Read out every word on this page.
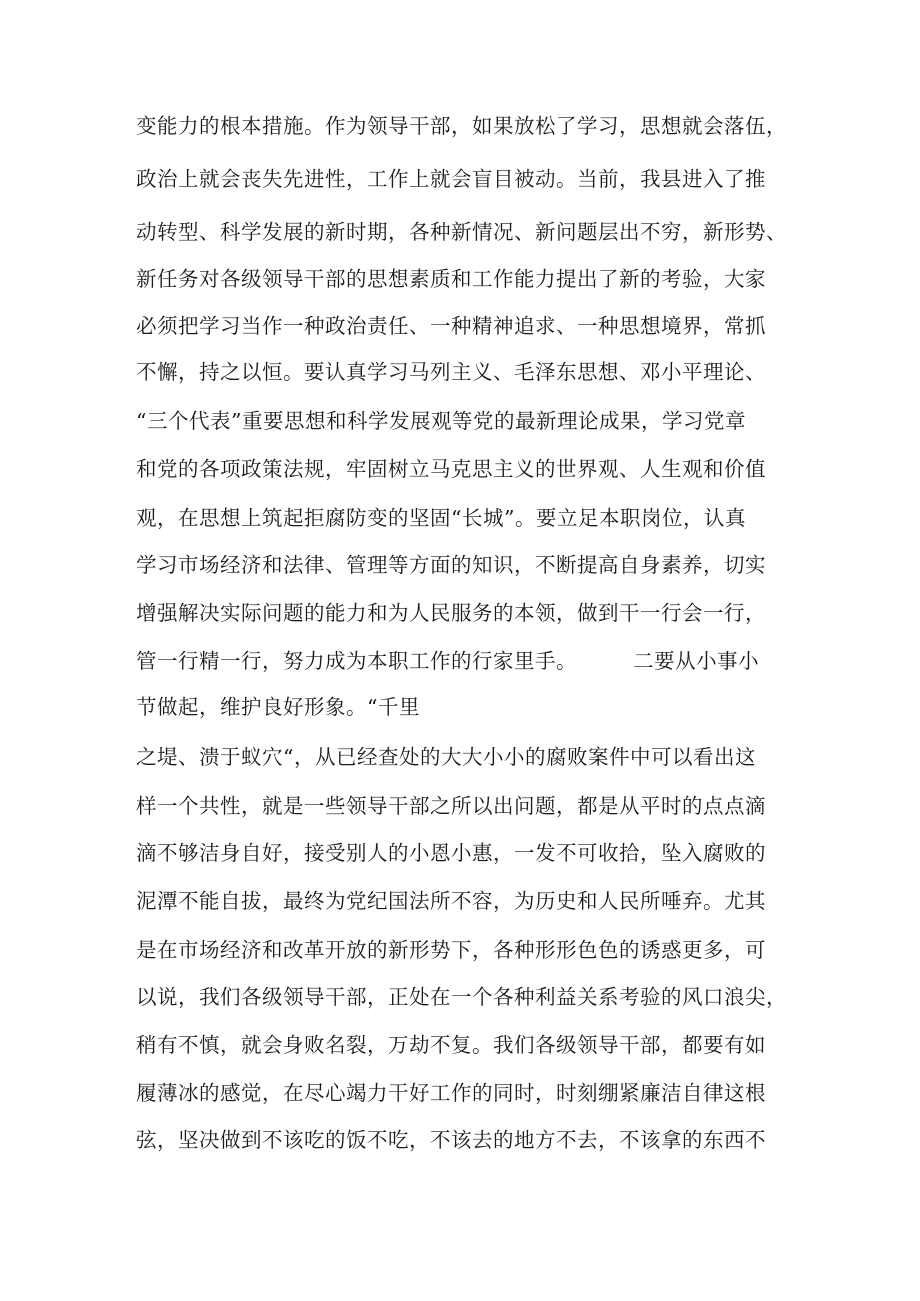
变能力的根本措施。作为领导干部，如果放松了学习，思想就会落伍，
政治上就会丧失先进性，工作上就会盲目被动。当前，我县进入了推
动转型、科学发展的新时期，各种新情况、新问题层出不穷，新形势、
新任务对各级领导干部的思想素质和工作能力提出了新的考验，大家
必须把学习当作一种政治责任、一种精神追求、一种思想境界，常抓
不懈，持之以恒。要认真学习马列主义、毛泽东思想、邓小平理论、
“三个代表”重要思想和科学发展观等党的最新理论成果，学习党章
和党的各项政策法规，牢固树立马克思主义的世界观、人生观和价值
观，在思想上筑起拒腐防变的坚固“长城”。要立足本职岗位，认真
学习市场经济和法律、管理等方面的知识，不断提高自身素养，切实
增强解决实际问题的能力和为人民服务的本领，做到干一行会一行，
管一行精一行，努力成为本职工作的行家里手。        二要从小事小
节做起，维护良好形象。“千里
之堤、溃于蚁穴“，从已经查处的大大小小的腐败案件中可以看出这
样一个共性，就是一些领导干部之所以出问题，都是从平时的点点滴
滴不够洁身自好，接受别人的小恩小惠，一发不可收拾，坠入腐败的
泥潭不能自拔，最终为党纪国法所不容，为历史和人民所唾弃。尤其
是在市场经济和改革开放的新形势下，各种形形色色的诱惑更多，可
以说，我们各级领导干部，正处在一个各种利益关系考验的风口浪尖，
稍有不慎，就会身败名裂，万劫不复。我们各级领导干部，都要有如
履薄冰的感觉，在尽心竭力干好工作的同时，时刻绷紧廉洁自律这根
弦，坚决做到不该吃的饭不吃，不该去的地方不去，不该拿的东西不
